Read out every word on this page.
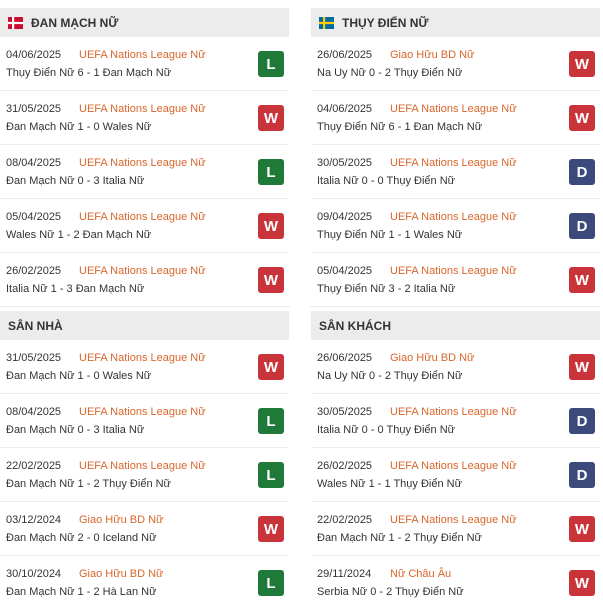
ĐAN MẠCH NỮ
04/06/2025 UEFA Nations League Nữ
Thụy Điển Nữ 6 - 1 Đan Mạch Nữ
L
31/05/2025 UEFA Nations League Nữ
Đan Mạch Nữ 1 - 0 Wales Nữ
W
08/04/2025 UEFA Nations League Nữ
Đan Mạch Nữ 0 - 3 Italia Nữ
L
05/04/2025 UEFA Nations League Nữ
Wales Nữ 1 - 2 Đan Mạch Nữ
W
26/02/2025 UEFA Nations League Nữ
Italia Nữ 1 - 3 Đan Mạch Nữ
W
SÂN NHÀ
31/05/2025 UEFA Nations League Nữ
Đan Mạch Nữ 1 - 0 Wales Nữ
W
08/04/2025 UEFA Nations League Nữ
Đan Mạch Nữ 0 - 3 Italia Nữ
L
22/02/2025 UEFA Nations League Nữ
Đan Mạch Nữ 1 - 2 Thụy Điển Nữ
L
03/12/2024 Giao Hữu BD Nữ
Đan Mạch Nữ 2 - 0 Iceland Nữ
W
30/10/2024 Giao Hữu BD Nữ
Đan Mạch Nữ 1 - 2 Hà Lan Nữ
L
THỤY ĐIỂN NỮ
26/06/2025 Giao Hữu BD Nữ
Na Uy Nữ 0 - 2 Thụy Điển Nữ
W
04/06/2025 UEFA Nations League Nữ
Thụy Điển Nữ 6 - 1 Đan Mạch Nữ
W
30/05/2025 UEFA Nations League Nữ
Italia Nữ 0 - 0 Thụy Điển Nữ
D
09/04/2025 UEFA Nations League Nữ
Thụy Điển Nữ 1 - 1 Wales Nữ
D
05/04/2025 UEFA Nations League Nữ
Thụy Điển Nữ 3 - 2 Italia Nữ
W
SÂN KHÁCH
26/06/2025 Giao Hữu BD Nữ
Na Uy Nữ 0 - 2 Thụy Điển Nữ
W
30/05/2025 UEFA Nations League Nữ
Italia Nữ 0 - 0 Thụy Điển Nữ
D
26/02/2025 UEFA Nations League Nữ
Wales Nữ 1 - 1 Thụy Điển Nữ
D
22/02/2025 UEFA Nations League Nữ
Đan Mạch Nữ 1 - 2 Thụy Điển Nữ
W
29/11/2024 Nữ Châu Âu
Serbia Nữ 0 - 2 Thụy Điển Nữ
W
